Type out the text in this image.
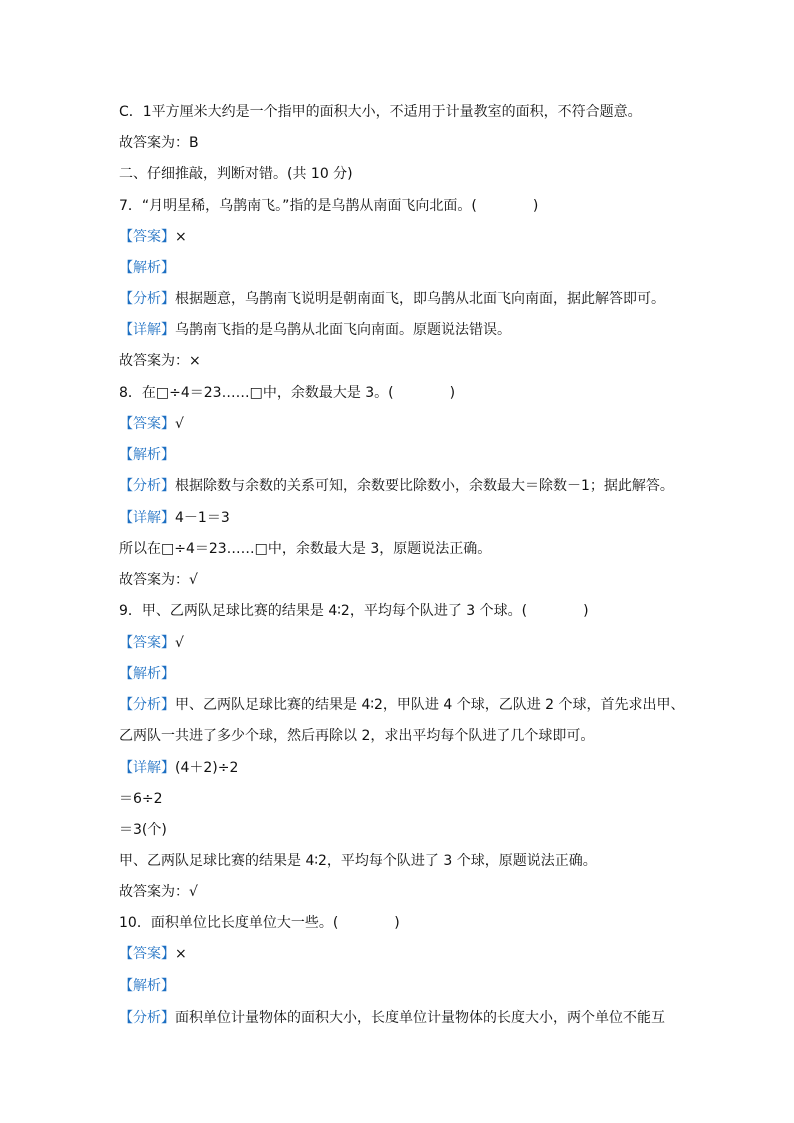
C．1平方厘米大约是一个指甲的面积大小，不适用于计量教室的面积，不符合题意。
故答案为：B
二、仔细推敲，判断对错。(共 10 分)
7．“月明星稀，乌鹊南飞。”指的是乌鹊从南面飞向北面。(　　　　)
【答案】×
【解析】
【分析】根据题意，乌鹊南飞说明是朝南面飞，即乌鹊从北面飞向南面，据此解答即可。
【详解】乌鹊南飞指的是乌鹊从北面飞向南面。原题说法错误。
故答案为：×
8．在□÷4＝23……□中，余数最大是 3。(　　　　)
【答案】√
【解析】
【分析】根据除数与余数的关系可知，余数要比除数小，余数最大＝除数－1；据此解答。
【详解】4－1＝3
所以在□÷4＝23……□中，余数最大是 3，原题说法正确。
故答案为：√
9．甲、乙两队足球比赛的结果是 4∶2，平均每个队进了 3 个球。(　　　　)
【答案】√
【解析】
【分析】甲、乙两队足球比赛的结果是 4∶2，甲队进 4 个球，乙队进 2 个球，首先求出甲、
乙两队一共进了多少个球，然后再除以 2，求出平均每个队进了几个球即可。
【详解】(4＋2)÷2
＝6÷2
＝3(个)
甲、乙两队足球比赛的结果是 4∶2，平均每个队进了 3 个球，原题说法正确。
故答案为：√
10．面积单位比长度单位大一些。(　　　　)
【答案】×
【解析】
【分析】面积单位计量物体的面积大小，长度单位计量物体的长度大小，两个单位不能互
